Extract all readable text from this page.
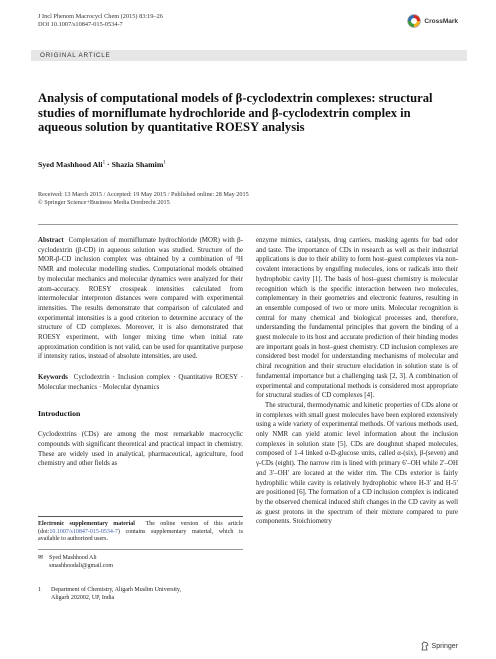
J Incl Phenom Macrocycl Chem (2015) 83:19–26
DOI 10.1007/s10847-015-0534-7
CrossMark
ORIGINAL ARTICLE
Analysis of computational models of β-cyclodextrin complexes: structural studies of morniflumate hydrochloride and β-cyclodextrin complex in aqueous solution by quantitative ROESY analysis
Syed Mashhood Ali$^1$ · Shazia Shamim$^1$
Received: 13 March 2015 / Accepted: 19 May 2015 / Published online: 28 May 2015
© Springer Science+Business Media Dordrecht 2015

Abstract Complexation of morniflumate hydrochloride (MOR) with β-cyclodextrin (β-CD) in aqueous solution was studied. Structure of the MOR-β-CD inclusion complex was obtained by a combination of ¹H NMR and molecular modelling studies. Computational models obtained by molecular mechanics and molecular dynamics were analyzed for their atom-accuracy. ROESY crosspeak intensities calculated from intermolecular interproton distances were compared with experimental intensities. The results demonstrate that comparison of calculated and experimental intensities is a good criterion to determine accuracy of the structure of CD complexes. Moreover, it is also demonstrated that ROESY experiment, with longer mixing time when initial rate approximation condition is not valid, can be used for quantitative purpose if intensity ratios, instead of absolute intensities, are used.

Keywords Cyclodextrin · Inclusion complex · Quantitative ROESY · Molecular mechanics · Molecular dynamics

Introduction

Cyclodextrins (CDs) are among the most remarkable macrocyclic compounds with significant theoretical and practical impact in chemistry. These are widely used in analytical, pharmaceutical, agriculture, food chemistry and other fields as

Electronic supplementary material The online version of this article (doi:10.1007/s10847-015-0534-7) contains supplementary material, which is available to authorized users.
✉ Syed Mashhood Ali
smashhoodali@gmail.com
1 Department of Chemistry, Aligarh Muslim University,
Aligarh 202002, UP, India

enzyme mimics, catalysts, drug carriers, masking agents for bad odor and taste. The importance of CDs in research as well as their industrial applications is due to their ability to form host–guest complexes via non-covalent interactions by engulfing molecules, ions or radicals into their hydrophobic cavity [1]. The basis of host–guest chemistry is molecular recognition which is the specific interaction between two molecules, complementary in their geometries and electronic features, resulting in an ensemble composed of two or more units. Molecular recognition is central for many chemical and biological processes and, therefore, understanding the fundamental principles that govern the binding of a guest molecule to its host and accurate prediction of their binding modes are important goals in host–guest chemistry. CD inclusion complexes are considered best model for understanding mechanisms of molecular and chiral recognition and their structure elucidation in solution state is of fundamental importance but a challenging task [2, 3]. A combination of experimental and computational methods is considered most appropriate for structural studies of CD complexes [4].

The structural, thermodynamic and kinetic properties of CDs alone or in complexes with small guest molecules have been explored extensively using a wide variety of experimental methods. Of various methods used, only NMR can yield atomic level information about the inclusion complexes in solution state [5]. CDs are doughnut shaped molecules, composed of 1-4 linked α-D-glucose units, called α-(six), β-(seven) and γ-CDs (eight). The narrow rim is lined with primary 6′–OH while 2′–OH and 3′–OH′ are located at the wider rim. The CDs exterior is fairly hydrophilic while cavity is relatively hydrophobic where H-3′ and H-5′ are positioned [6]. The formation of a CD inclusion complex is indicated by the observed chemical induced shift changes in the CD cavity as well as guest protons in the spectrum of their mixture compared to pure components. Stoichiometry

Springer
